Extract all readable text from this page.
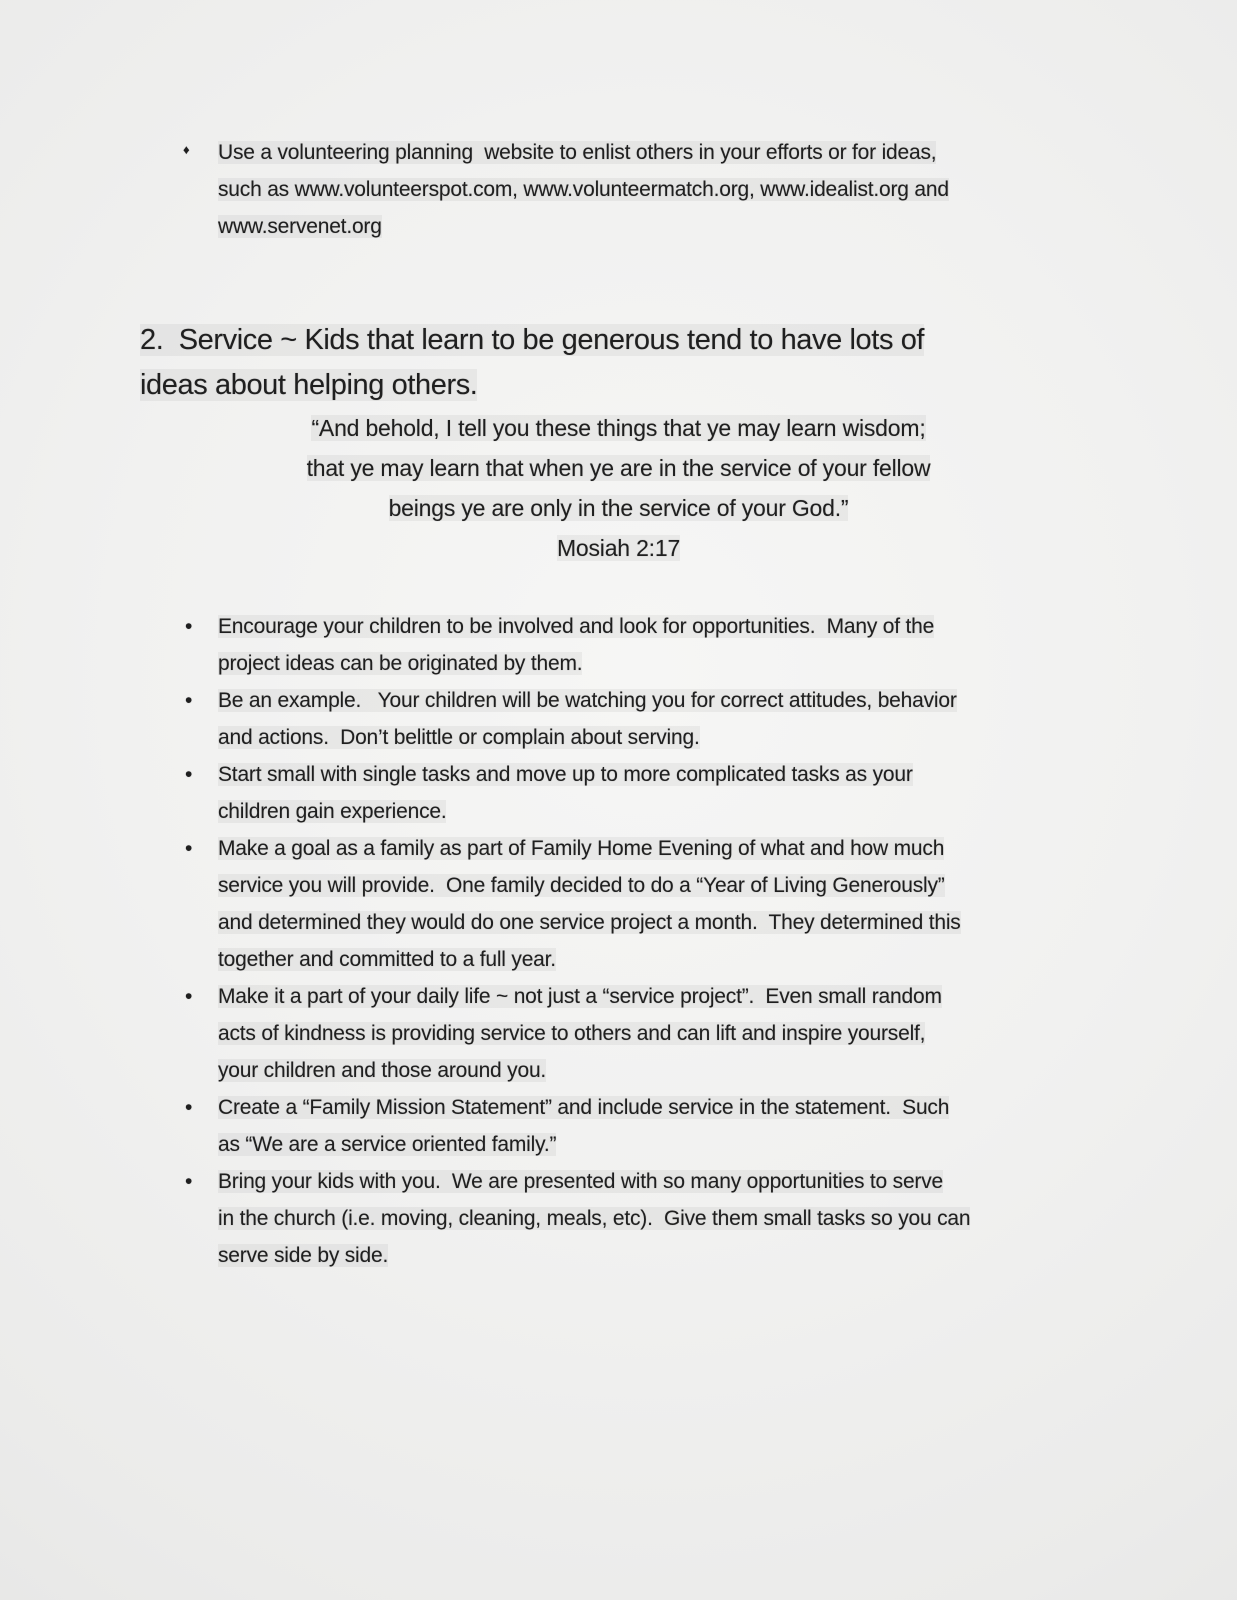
♦ Use a volunteering planning  website to enlist others in your efforts or for ideas,
such as www.volunteerspot.com, www.volunteermatch.org, www.idealist.org and
www.servenet.org
2.  Service ~ Kids that learn to be generous tend to have lots of
ideas about helping others.
“And behold, I tell you these things that ye may learn wisdom;
that ye may learn that when ye are in the service of your fellow
beings ye are only in the service of your God.”
Mosiah 2:17
• Encourage your children to be involved and look for opportunities.  Many of the
project ideas can be originated by them.
• Be an example.   Your children will be watching you for correct attitudes, behavior
and actions.  Don’t belittle or complain about serving.
• Start small with single tasks and move up to more complicated tasks as your
children gain experience.
• Make a goal as a family as part of Family Home Evening of what and how much
service you will provide.  One family decided to do a “Year of Living Generously”
and determined they would do one service project a month.  They determined this
together and committed to a full year.
• Make it a part of your daily life ~ not just a “service project”.  Even small random
acts of kindness is providing service to others and can lift and inspire yourself,
your children and those around you.
• Create a “Family Mission Statement” and include service in the statement.  Such
as “We are a service oriented family.”
• Bring your kids with you.  We are presented with so many opportunities to serve
in the church (i.e. moving, cleaning, meals, etc).  Give them small tasks so you can
serve side by side.
